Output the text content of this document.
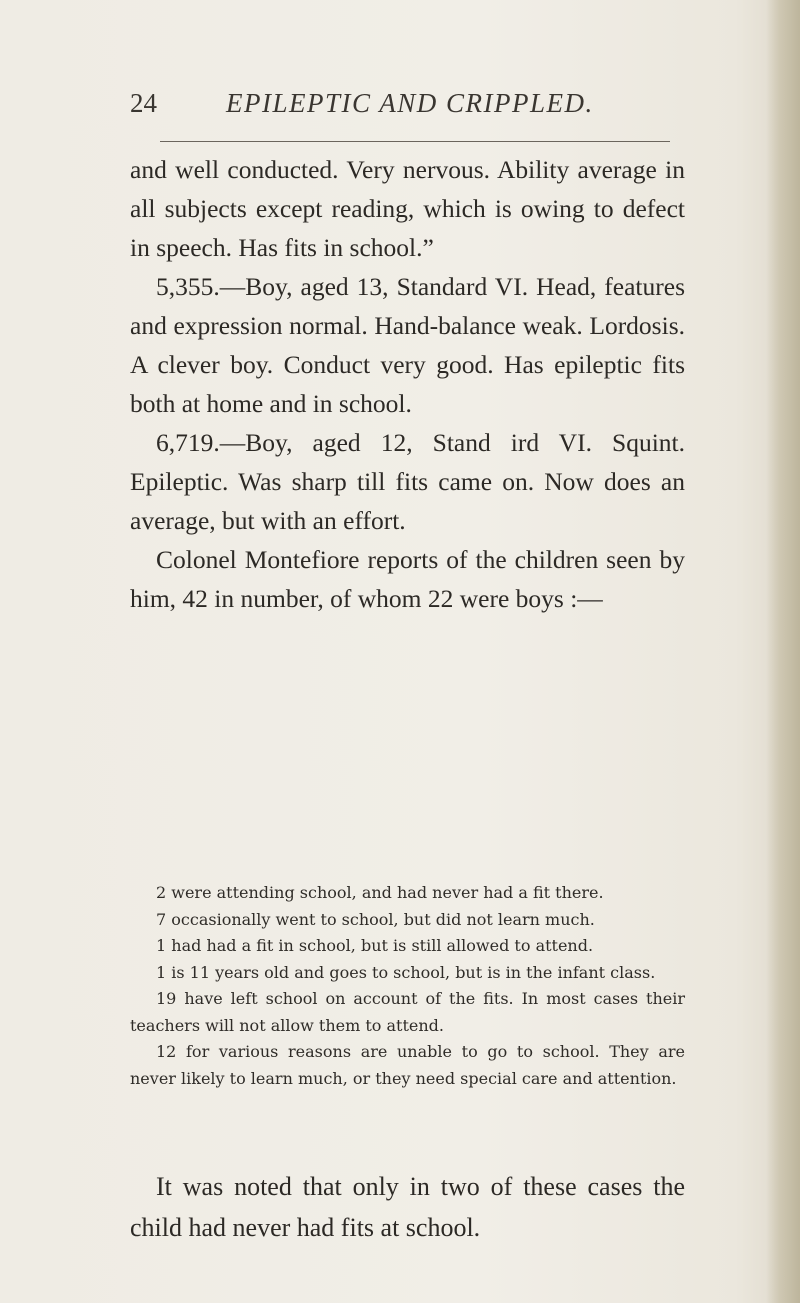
24	EPILEPTIC AND CRIPPLED.

and well conducted. Very nervous. Ability average in all subjects except reading, which is owing to defect in speech. Has fits in school.”

5,355.—Boy, aged 13, Standard VI. Head, features and expression normal. Hand-balance weak. Lordosis. A clever boy. Conduct very good. Has epileptic fits both at home and in school.

6,719.—Boy, aged 12, Stand ird VI. Squint. Epileptic. Was sharp till fits came on. Now does an average, but with an effort.

Colonel Montefiore reports of the children seen by him, 42 in number, of whom 22 were boys :—

2 were attending school, and had never had a fit there.

7 occasionally went to school, but did not learn much.

1 had had a fit in school, but is still allowed to attend.

1 is 11 years old and goes to school, but is in the infant class.

19 have left school on account of the fits. In most cases their teachers will not allow them to attend.

12 for various reasons are unable to go to school. They are never likely to learn much, or they need special care and attention.

It was noted that only in two of these cases the child had never had fits at school.
